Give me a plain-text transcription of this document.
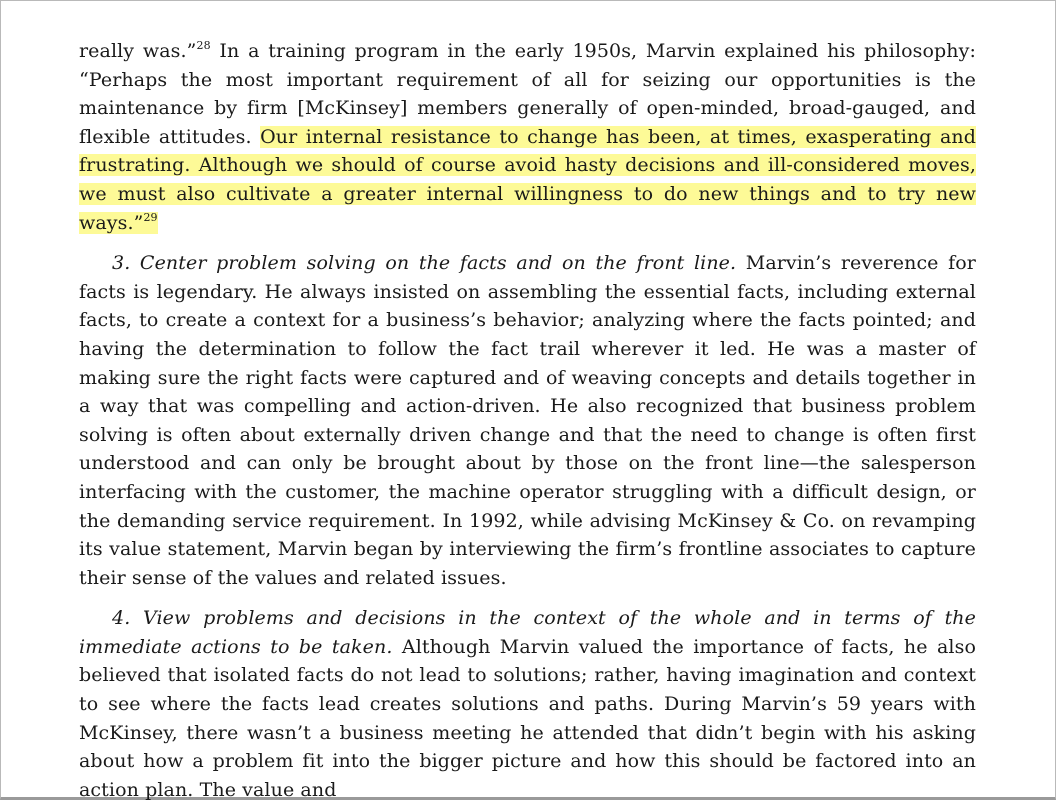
really was.”$^{28}$ In a training program in the early 1950s, Marvin explained his philosophy: “Perhaps the most important requirement of all for seizing our opportunities is the maintenance by firm [McKinsey] members generally of open-minded, broad-gauged, and flexible attitudes. Our internal resistance to change has been, at times, exasperating and frustrating. Although we should of course avoid hasty decisions and ill-considered moves, we must also cultivate a greater internal willingness to do new things and to try new ways.”$^{29}$

3. Center problem solving on the facts and on the front line. Marvin’s reverence for facts is legendary. He always insisted on assembling the essential facts, including external facts, to create a context for a business’s behavior; analyzing where the facts pointed; and having the determination to follow the fact trail wherever it led. He was a master of making sure the right facts were captured and of weaving concepts and details together in a way that was compelling and action-driven. He also recognized that business problem solving is often about externally driven change and that the need to change is often first understood and can only be brought about by those on the front line—the salesperson interfacing with the customer, the machine operator struggling with a difficult design, or the demanding service requirement. In 1992, while advising McKinsey & Co. on revamping its value statement, Marvin began by interviewing the firm’s frontline associates to capture their sense of the values and related issues.

4. View problems and decisions in the context of the whole and in terms of the immediate actions to be taken. Although Marvin valued the importance of facts, he also believed that isolated facts do not lead to solutions; rather, having imagination and context to see where the facts lead creates solutions and paths. During Marvin’s 59 years with McKinsey, there wasn’t a business meeting he attended that didn’t begin with his asking about how a problem fit into the bigger picture and how this should be factored into an action plan. The value and
